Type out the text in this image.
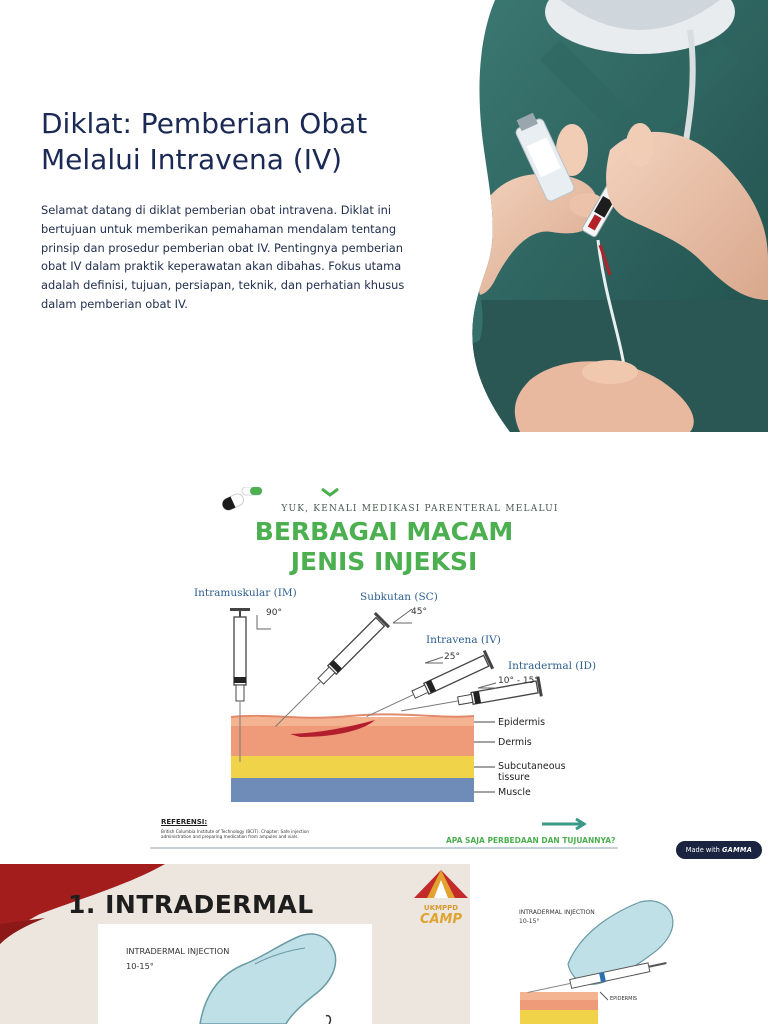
Diklat: Pemberian Obat Melalui Intravena (IV)

Selamat datang di diklat pemberian obat intravena. Diklat ini bertujuan untuk memberikan pemahaman mendalam tentang prinsip dan prosedur pemberian obat IV. Pentingnya pemberian obat IV dalam praktik keperawatan akan dibahas. Fokus utama adalah definisi, tujuan, persiapan, teknik, dan perhatian khusus dalam pemberian obat IV.

YUK, KENALI MEDIKASI PARENTERAL MELALUI

BERBAGAI MACAM
JENIS INJEKSI

Intramuskular (IM)

90°

Subkutan (SC)

45°

Intravena (IV)

25°

Intradermal (ID)

10° - 15°

Epidermis

Dermis

Subcutaneous tissure

Muscle

REFERENSI:

British Columbia Institute of Technology (BCIT). Chapter: Safe injection administration and preparing medication from ampules and vials.	APA SAJA PERBEDAAN DAN TUJUANNYA?

Made with GAMMA
1. INTRADERMAL	UKMPPD

CAMP

INTRADERMAL INJECTION

10-15°

INTRADERMAL INJECTION

10-15°

EPIDERMIS
